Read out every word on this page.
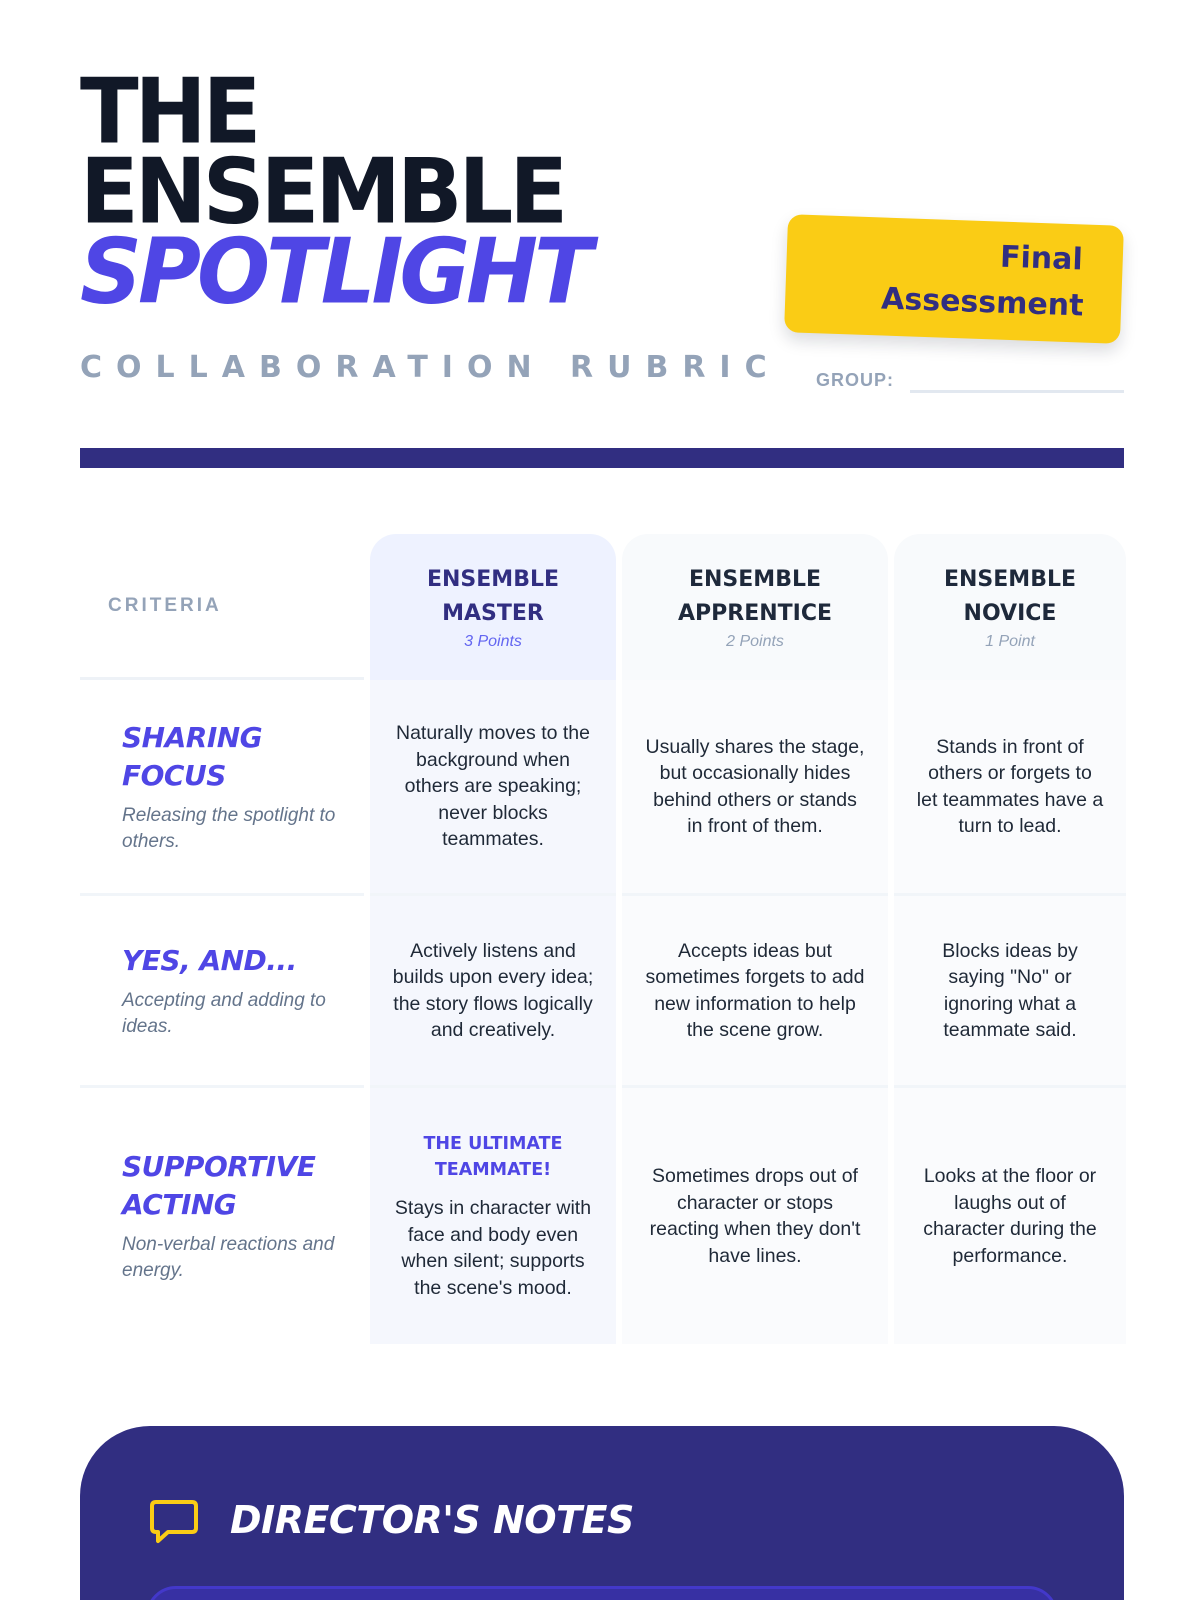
THE
ENSEMBLE
SPOTLIGHT
COLLABORATION RUBRIC
Final Assessment
GROUP:
CRITERIA
ENSEMBLE MASTER
3 Points
ENSEMBLE APPRENTICE
2 Points
ENSEMBLE NOVICE
1 Point
SHARING FOCUS
Releasing the spotlight to others.
Naturally moves to the background when others are speaking; never blocks teammates.
Usually shares the stage, but occasionally hides behind others or stands in front of them.
Stands in front of others or forgets to let teammates have a turn to lead.
YES, AND...
Accepting and adding to ideas.
Actively listens and builds upon every idea; the story flows logically and creatively.
Accepts ideas but sometimes forgets to add new information to help the scene grow.
Blocks ideas by saying "No" or ignoring what a teammate said.
SUPPORTIVE ACTING
Non-verbal reactions and energy.
THE ULTIMATE TEAMMATE!
Stays in character with face and body even when silent; supports the scene's mood.
Sometimes drops out of character or stops reacting when they don't have lines.
Looks at the floor or laughs out of character during the performance.
DIRECTOR'S NOTES
